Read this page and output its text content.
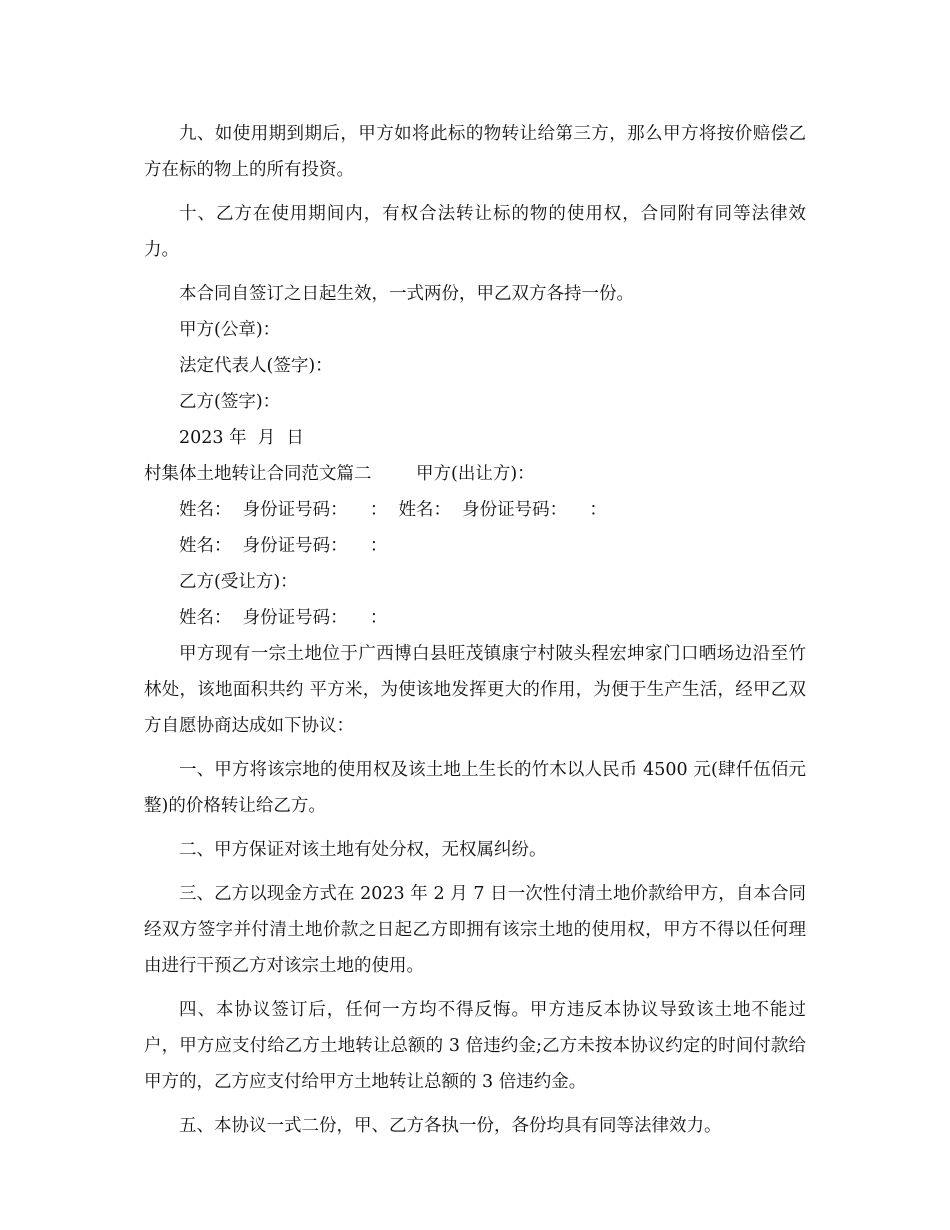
九、如使用期到期后，甲方如将此标的物转让给第三方，那么甲方将按价赔偿乙方在标的物上的所有投资。

十、乙方在使用期间内，有权合法转让标的物的使用权，合同附有同等法律效力。

本合同自签订之日起生效，一式两份，甲乙双方各持一份。

甲方(公章)：

法定代表人(签字)：

乙方(签字)：

2023 年  月  日

村集体土地转让合同范文篇二	甲方(出让方)：

姓名：  身份证号码：    ：  姓名：  身份证号码：    ：

姓名：  身份证号码：    ：

乙方(受让方)：

姓名：  身份证号码：    ：

甲方现有一宗土地位于广西博白县旺茂镇康宁村陂头程宏坤家门口晒场边沿至竹林处，该地面积共约 平方米，为使该地发挥更大的作用，为便于生产生活，经甲乙双方自愿协商达成如下协议：

一、甲方将该宗地的使用权及该土地上生长的竹木以人民币 4500 元(肆仟伍佰元整)的价格转让给乙方。

二、甲方保证对该土地有处分权，无权属纠纷。

三、乙方以现金方式在 2023 年 2 月 7 日一次性付清土地价款给甲方，自本合同经双方签字并付清土地价款之日起乙方即拥有该宗土地的使用权，甲方不得以任何理由进行干预乙方对该宗土地的使用。

四、本协议签订后，任何一方均不得反悔。甲方违反本协议导致该土地不能过户，甲方应支付给乙方土地转让总额的 3 倍违约金;乙方未按本协议约定的时间付款给甲方的，乙方应支付给甲方土地转让总额的 3 倍违约金。

五、本协议一式二份，甲、乙方各执一份，各份均具有同等法律效力。
